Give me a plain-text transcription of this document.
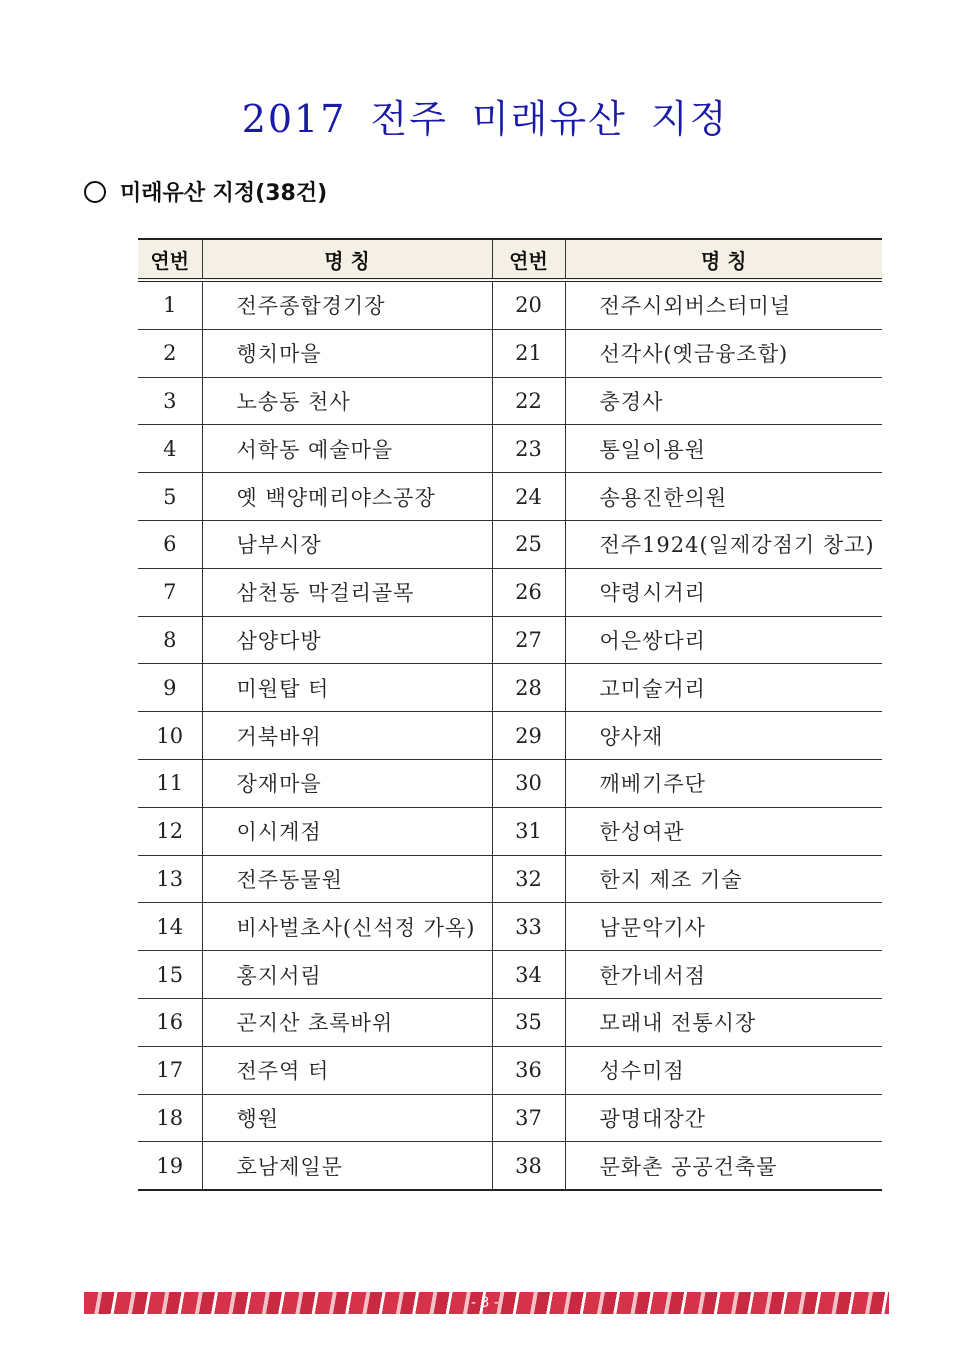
2017 전주 미래유산 지정
미래유산 지정(38건)
연번	명 칭	연번	명 칭
1	전주종합경기장	20	전주시외버스터미널
2	행치마을	21	선각사(옛금융조합)
3	노송동 천사	22	충경사
4	서학동 예술마을	23	통일이용원
5	옛 백양메리야스공장	24	송용진한의원
6	남부시장	25	전주1924(일제강점기 창고)
7	삼천동 막걸리골목	26	약령시거리
8	삼양다방	27	어은쌍다리
9	미원탑 터	28	고미술거리
10	거북바위	29	양사재
11	장재마을	30	깨베기주단
12	이시계점	31	한성여관
13	전주동물원	32	한지 제조 기술
14	비사벌초사(신석정 가옥)	33	남문악기사
15	홍지서림	34	한가네서점
16	곤지산 초록바위	35	모래내 전통시장
17	전주역 터	36	성수미점
18	행원	37	광명대장간
19	호남제일문	38	문화촌 공공건축물
- 3 -
